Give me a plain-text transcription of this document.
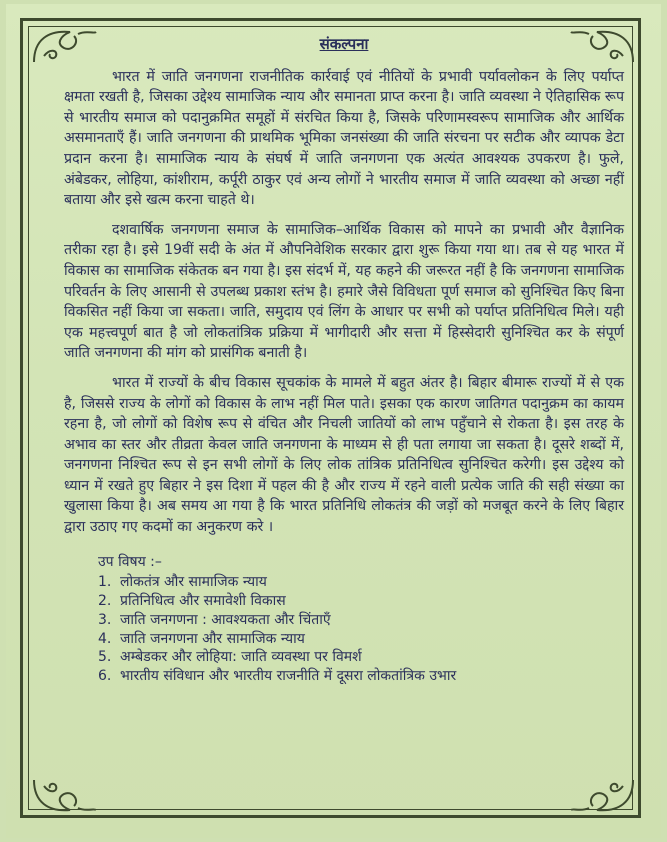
संकल्पना

भारत में जाति जनगणना राजनीतिक कार्रवाई एवं नीतियों के प्रभावी पर्यावलोकन के लिए पर्याप्त क्षमता रखती है, जिसका उद्देश्य सामाजिक न्याय और समानता प्राप्त करना है। जाति व्यवस्था ने ऐतिहासिक रूप से भारतीय समाज को पदानुक्रमित समूहों में संरचित किया है, जिसके परिणामस्वरूप सामाजिक और आर्थिक असमानताएँ हैं। जाति जनगणना की प्राथमिक भूमिका जनसंख्या की जाति संरचना पर सटीक और व्यापक डेटा प्रदान करना है। सामाजिक न्याय के संघर्ष में जाति जनगणना एक अत्यंत आवश्यक उपकरण है। फुले, अंबेडकर, लोहिया, कांशीराम, कर्पूरी ठाकुर एवं अन्य लोगों ने भारतीय समाज में जाति व्यवस्था को अच्छा नहीं बताया और इसे खत्म करना चाहते थे।

दशवार्षिक जनगणना समाज के सामाजिक–आर्थिक विकास को मापने का प्रभावी और वैज्ञानिक तरीका रहा है। इसे 19वीं सदी के अंत में औपनिवेशिक सरकार द्वारा शुरू किया गया था। तब से यह भारत में विकास का सामाजिक संकेतक बन गया है। इस संदर्भ में, यह कहने की जरूरत नहीं है कि जनगणना सामाजिक परिवर्तन के लिए आसानी से उपलब्ध प्रकाश स्तंभ है। हमारे जैसे विविधता पूर्ण समाज को सुनिश्चित किए बिना विकसित नहीं किया जा सकता। जाति, समुदाय एवं लिंग के आधार पर सभी को पर्याप्त प्रतिनिधित्व मिले। यही एक महत्त्वपूर्ण बात है जो लोकतांत्रिक प्रक्रिया में भागीदारी और सत्ता में हिस्सेदारी सुनिश्चित कर के संपूर्ण जाति जनगणना की मांग को प्रासंगिक बनाती है।

भारत में राज्यों के बीच विकास सूचकांक के मामले में बहुत अंतर है। बिहार बीमारू राज्यों में से एक है, जिससे राज्य के लोगों को विकास के लाभ नहीं मिल पाते। इसका एक कारण जातिगत पदानुक्रम का कायम रहना है, जो लोगों को विशेष रूप से वंचित और निचली जातियों को लाभ पहुँचाने से रोकता है। इस तरह के अभाव का स्तर और तीव्रता केवल जाति जनगणना के माध्यम से ही पता लगाया जा सकता है। दूसरे शब्दों में, जनगणना निश्चित रूप से इन सभी लोगों के लिए लोक तांत्रिक प्रतिनिधित्व सुनिश्चित करेगी। इस उद्देश्य को ध्यान में रखते हुए बिहार ने इस दिशा में पहल की है और राज्य में रहने वाली प्रत्येक जाति की सही संख्या का खुलासा किया है। अब समय आ गया है कि भारत प्रतिनिधि लोकतंत्र की जड़ों को मजबूत करने के लिए बिहार द्वारा उठाए गए कदमों का अनुकरण करे ।

उप विषय :–
1. लोकतंत्र और सामाजिक न्याय
2. प्रतिनिधित्व और समावेशी विकास
3. जाति जनगणना : आवश्यकता और चिंताएँ
4. जाति जनगणना और सामाजिक न्याय
5. अम्बेडकर और लोहिया: जाति व्यवस्था पर विमर्श
6. भारतीय संविधान और भारतीय राजनीति में दूसरा लोकतांत्रिक उभार
